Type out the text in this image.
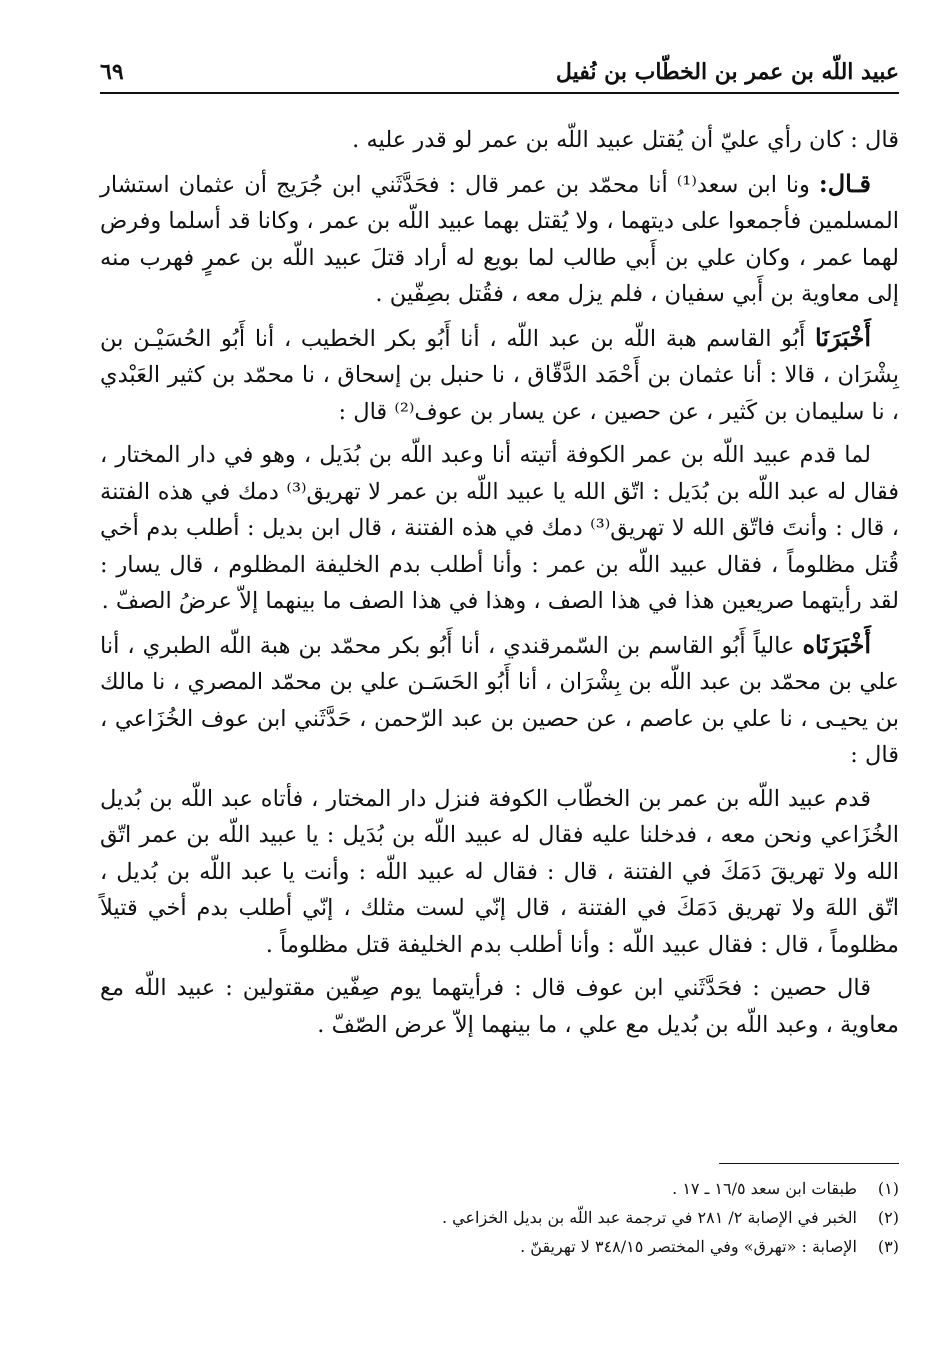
٦٩	عبيد اللّه بن عمر بن الخطّاب بن نُفيل

قال : كان رأي عليّ أن يُقتل عبيد اللّه بن عمر لو قدر عليه .

قـال: ونا ابن سعد⁽¹⁾ أنا محمّد بن عمر قال : فحَدَّثَني ابن جُرَيج أن عثمان استشار المسلمين فأجمعوا على ديتهما ، ولا يُقتل بهما عبيد اللّه بن عمر ، وكانا قد أسلما وفرض لهما عمر ، وكان علي بن أَبي طالب لما بويع له أراد قتلَ عبيد اللّه بن عمرٍ فهرب منه إلى معاوية بن أَبي سفيان ، فلم يزل معه ، فقُتل بصِفّين .

أَخْبَرَنَا أَبُو القاسم هبة اللّه بن عبد اللّه ، أنا أَبُو بكر الخطيب ، أنا أَبُو الحُسَيْـن بن بِشْرَان ، قالا : أنا عثمان بن أَحْمَد الدَّقّاق ، نا حنبل بن إسحاق ، نا محمّد بن كثير العَبْدي ، نا سليمان بن كَثير ، عن حصين ، عن يسار بن عوف⁽²⁾ قال :

لما قدم عبيد اللّه بن عمر الكوفة أتيته أنا وعبد اللّه بن بُدَيل ، وهو في دار المختار ، فقال له عبد اللّه بن بُدَيل : اتّق الله يا عبيد اللّه بن عمر لا تهريق⁽³⁾ دمك في هذه الفتنة ، قال : وأنتَ فاتّق الله لا تهريق⁽³⁾ دمك في هذه الفتنة ، قال ابن بديل : أطلب بدم أخي قُتل مظلوماً ، فقال عبيد اللّه بن عمر : وأنا أطلب بدم الخليفة المظلوم ، قال يسار : لقد رأيتهما صريعين هذا في هذا الصف ، وهذا في هذا الصف ما بينهما إلاّ عرضُ الصفّ .

أَخْبَرَنَاه عالياً أَبُو القاسم بن السّمرقندي ، أنا أَبُو بكر محمّد بن هبة اللّه الطبري ، أنا علي بن محمّد بن عبد اللّه بن بِشْرَان ، أنا أَبُو الحَسَـن علي بن محمّد المصري ، نا مالك بن يحيـى ، نا علي بن عاصم ، عن حصين بن عبد الرّحمن ، حَدَّثَني ابن عوف الخُزَاعي ، قال :

قدم عبيد اللّه بن عمر بن الخطّاب الكوفة فنزل دار المختار ، فأتاه عبد اللّه بن بُديل الخُزَاعي ونحن معه ، فدخلنا عليه فقال له عبيد اللّه بن بُدَيل : يا عبيد اللّه بن عمر اتّق الله ولا تهريقَ دَمَكَ في الفتنة ، قال : فقال له عبيد اللّه : وأنت يا عبد اللّه بن بُديل ، اتّق اللهَ ولا تهريق دَمَكَ في الفتنة ، قال إنّي لست مثلك ، إنّي أطلب بدم أخي قتيلاً مظلوماً ، قال : فقال عبيد اللّه : وأنا أطلب بدم الخليفة قتل مظلوماً .

قال حصين : فحَدَّثَني ابن عوف قال : فرأيتهما يوم صِفّين مقتولين : عبيد اللّه مع معاوية ، وعبد اللّه بن بُديل مع علي ، ما بينهما إلاّ عرض الصّفّ .

(١)
طبقات ابن سعد ١٦/٥ ـ ١٧ .
(٢)
الخبر في الإصابة ٢/ ٢٨١ في ترجمة عبد اللّه بن بديل الخزاعي .
(٣)
الإصابة : «تهرق» وفي المختصر ٣٤٨/١٥ لا تهريقنّ .
